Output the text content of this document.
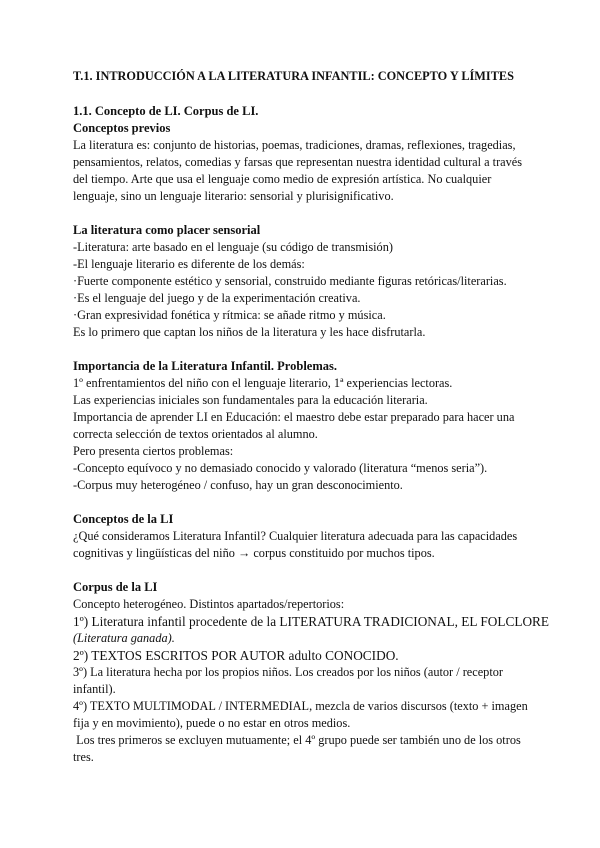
T.1. INTRODUCCIÓN A LA LITERATURA INFANTIL: CONCEPTO Y LÍMITES
1.1. Concepto de LI. Corpus de LI.
Conceptos previos
La literatura es: conjunto de historias, poemas, tradiciones, dramas, reflexiones, tragedias,
pensamientos, relatos, comedias y farsas que representan nuestra identidad cultural a través
del tiempo. Arte que usa el lenguaje como medio de expresión artística. No cualquier
lenguaje, sino un lenguaje literario: sensorial y plurisignificativo.
La literatura como placer sensorial
-Literatura: arte basado en el lenguaje (su código de transmisión)
-El lenguaje literario es diferente de los demás:
·Fuerte componente estético y sensorial, construido mediante figuras retóricas/literarias.
·Es el lenguaje del juego y de la experimentación creativa.
·Gran expresividad fonética y rítmica: se añade ritmo y música.
Es lo primero que captan los niños de la literatura y les hace disfrutarla.
Importancia de la Literatura Infantil. Problemas.
1º enfrentamientos del niño con el lenguaje literario, 1ª experiencias lectoras.
Las experiencias iniciales son fundamentales para la educación literaria.
Importancia de aprender LI en Educación: el maestro debe estar preparado para hacer una
correcta selección de textos orientados al alumno.
Pero presenta ciertos problemas:
-Concepto equívoco y no demasiado conocido y valorado (literatura “menos seria”).
-Corpus muy heterogéneo / confuso, hay un gran desconocimiento.
Conceptos de la LI
¿Qué consideramos Literatura Infantil? Cualquier literatura adecuada para las capacidades
cognitivas y lingüísticas del niño → corpus constituido por muchos tipos.
Corpus de la LI
Concepto heterogéneo. Distintos apartados/repertorios:
1º) Literatura infantil procedente de la LITERATURA TRADICIONAL, EL FOLCLORE
(Literatura ganada).
2º) TEXTOS ESCRITOS POR AUTOR adulto CONOCIDO.
3º) La literatura hecha por los propios niños. Los creados por los niños (autor / receptor
infantil).
4º) TEXTO MULTIMODAL / INTERMEDIAL, mezcla de varios discursos (texto + imagen
fija y en movimiento), puede o no estar en otros medios.
Los tres primeros se excluyen mutuamente; el 4º grupo puede ser también uno de los otros
tres.
